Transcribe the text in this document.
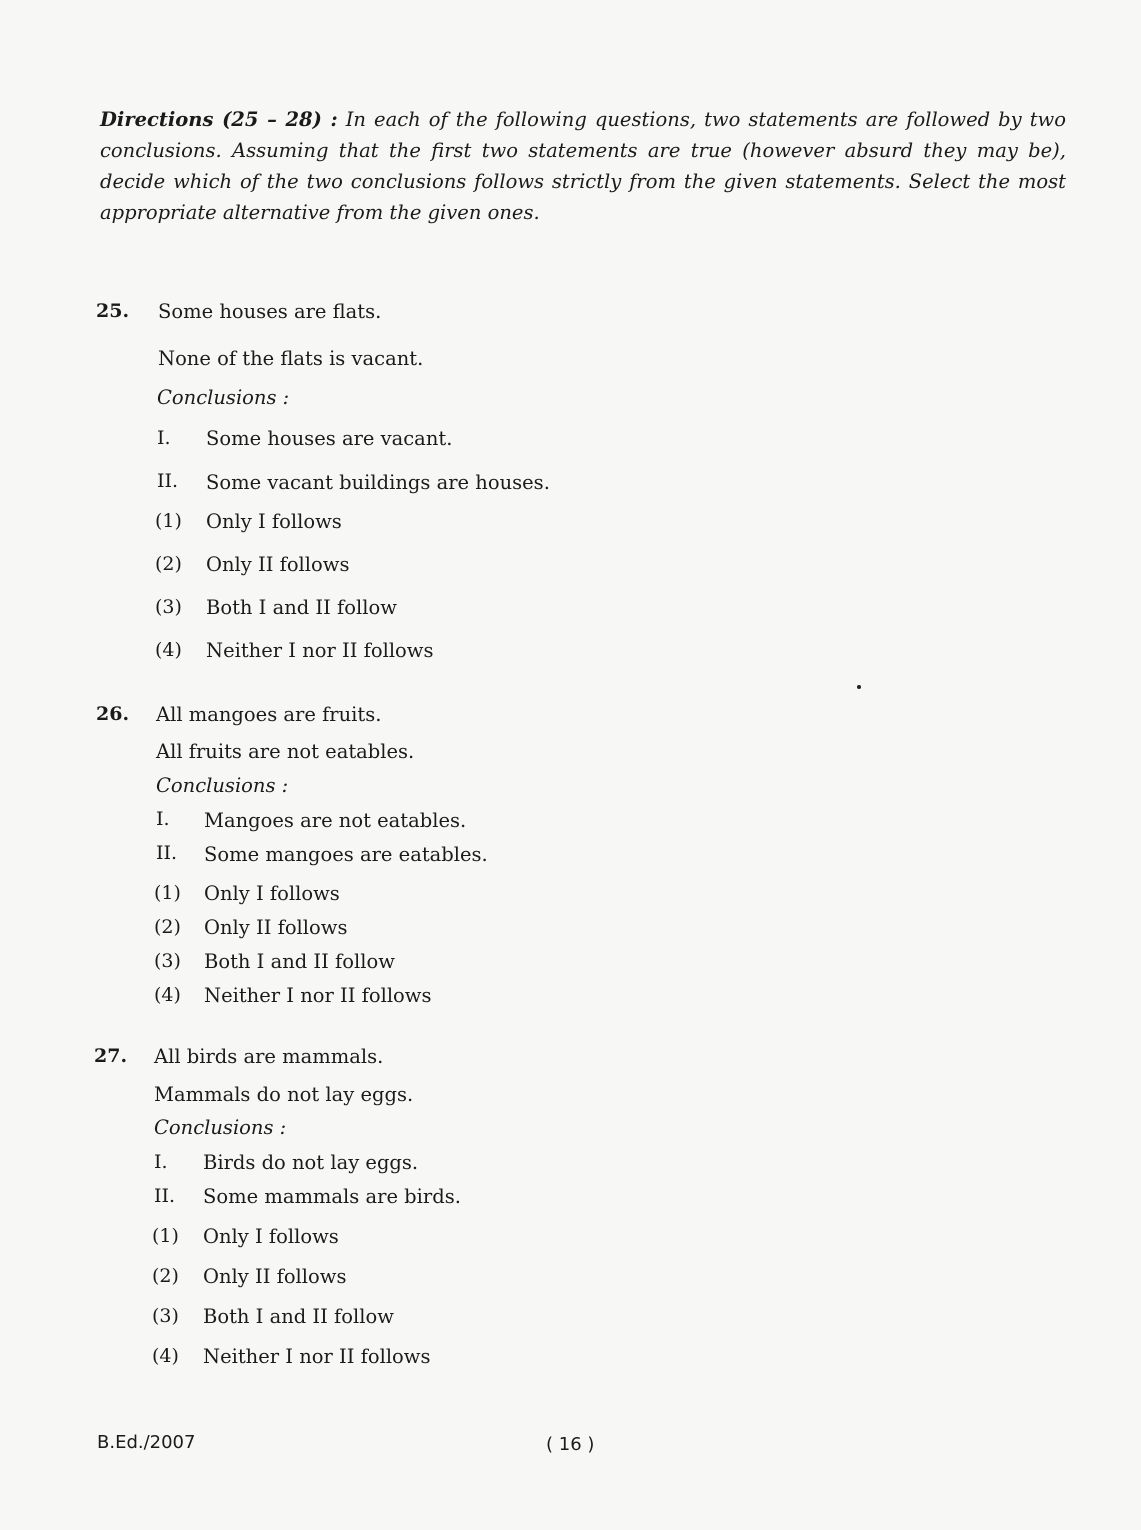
Directions (25 – 28) : In each of the following questions, two statements are followed by two conclusions. Assuming that the first two statements are true (however absurd they may be), decide which of the two conclusions follows strictly from the given statements. Select the most appropriate alternative from the given ones.
25. Some houses are flats.
None of the flats is vacant.
Conclusions :
I. Some houses are vacant.
II. Some vacant buildings are houses.
(1) Only I follows
(2) Only II follows
(3) Both I and II follow
(4) Neither I nor II follows
26. All mangoes are fruits.
All fruits are not eatables.
Conclusions :
I. Mangoes are not eatables.
II. Some mangoes are eatables.
(1) Only I follows
(2) Only II follows
(3) Both I and II follow
(4) Neither I nor II follows
27. All birds are mammals.
Mammals do not lay eggs.
Conclusions :
I. Birds do not lay eggs.
II. Some mammals are birds.
(1) Only I follows
(2) Only II follows
(3) Both I and II follow
(4) Neither I nor II follows
B.Ed./2007	( 16 )
